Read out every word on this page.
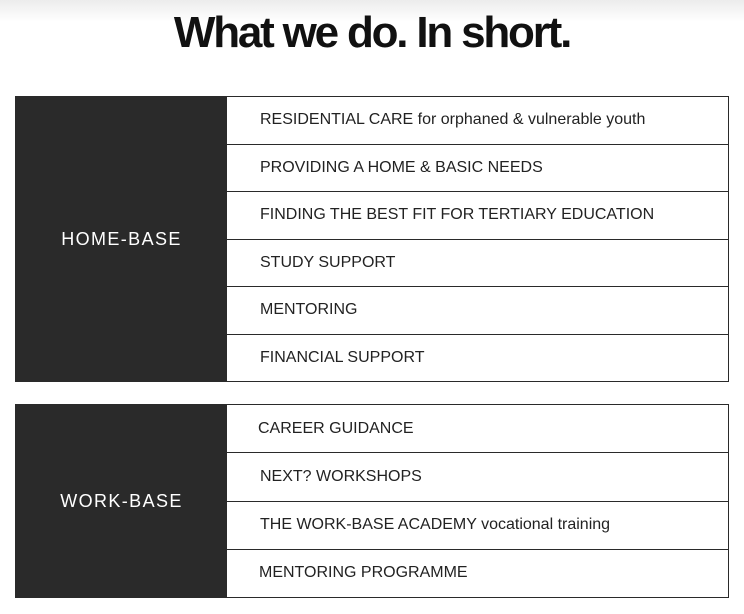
What we do. In short.
HOME-BASE
RESIDENTIAL CARE for orphaned & vulnerable youth
PROVIDING A HOME & BASIC NEEDS
FINDING THE BEST FIT FOR TERTIARY EDUCATION
STUDY SUPPORT
MENTORING
FINANCIAL SUPPORT
WORK-BASE
CAREER GUIDANCE
NEXT? WORKSHOPS
THE WORK-BASE ACADEMY vocational training
MENTORING PROGRAMME
